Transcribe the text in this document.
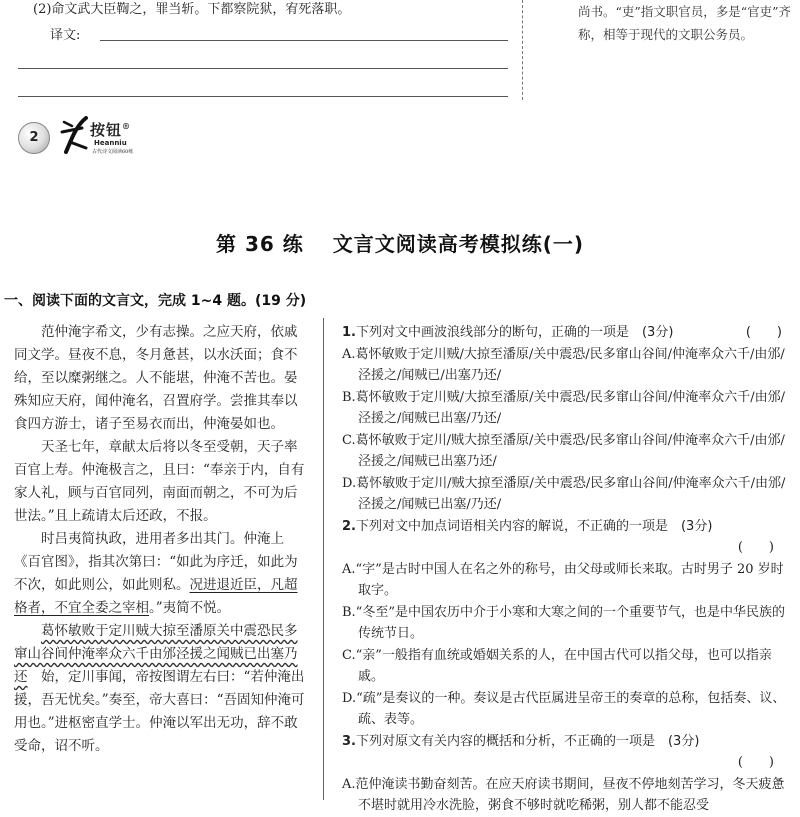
(2)命文武大臣鞫之，罪当斩。下都察院狱，宥死落职。
译文:
尚书。“吏”指文职官员，多是“官吏”齐称，相等于现代的文职公务员。
2	按钮®
Heanniu
古代诗文阅读60练
第 36 练　 文言文阅读高考模拟练(一)
一、阅读下面的文言文，完成 1~4 题。(19 分)

范仲淹字希文，少有志操。之应天府，依戚同文学。昼夜不息，冬月惫甚，以水沃面；食不给，至以糜粥继之。人不能堪，仲淹不苦也。晏殊知应天府，闻仲淹名，召置府学。尝推其奉以食四方游士，诸子至易衣而出，仲淹晏如也。

天圣七年，章献太后将以冬至受朝，天子率百官上寿。仲淹极言之，且曰：“奉亲于内，自有家人礼，顾与百官同列，南面而朝之，不可为后世法。”且上疏请太后还政，不报。

时吕夷简执政，进用者多出其门。仲淹上《百官图》，指其次第曰：“如此为序迁，如此为不次，如此则公，如此则私。况进退近臣，凡超格者，不宜全委之宰相。”夷简不悦。

葛怀敏败于定川贼大掠至潘原关中震恐民多窜山谷间仲淹率众六千由邠泾援之闻贼已出塞乃还　 始，定川事闻，帝按图谓左右曰：“若仲淹出援，吾无忧矣。”奏至，帝大喜曰：“吾固知仲淹可用也。”进枢密直学士。仲淹以军出无功，辞不敢受命，诏不听。

1.下列对文中画波浪线部分的断句，正确的一项是　(3分)	(　　)
A.葛怀敏败于定川贼/大掠至潘原/关中震恐/民多窜山谷间/仲淹率众六千/由邠/泾援之/闻贼已/出塞乃还/
B.葛怀敏败于定川贼/大掠至潘原/关中震恐/民多窜山谷间/仲淹率众六千/由邠/泾援之/闻贼已出塞/乃还/
C.葛怀敏败于定川/贼大掠至潘原/关中震恐/民多窜山谷间/仲淹率众六千/由邠/泾援之/闻贼已出塞乃还/
D.葛怀敏败于定川/贼大掠至潘原/关中震恐/民多窜山谷间/仲淹率众六千/由邠/泾援之/闻贼已出塞/乃还/
2.下列对文中加点词语相关内容的解说，不正确的一项是　(3分)
(　　)
A.“字”是古时中国人在名之外的称号，由父母或师长来取。古时男子 20 岁时取字。
B.“冬至”是中国农历中介于小寒和大寒之间的一个重要节气，也是中华民族的传统节日。
C.“亲”一般指有血统或婚姻关系的人，在中国古代可以指父母，也可以指亲戚。
D.“疏”是奏议的一种。奏议是古代臣属进呈帝王的奏章的总称，包括奏、议、疏、表等。
3.下列对原文有关内容的概括和分析，不正确的一项是　(3分)
(　　)
A.范仲淹读书勤奋刻苦。在应天府读书期间，昼夜不停地刻苦学习，冬天疲惫不堪时就用冷水洗脸，粥食不够时就吃稀粥，别人都不能忍受
